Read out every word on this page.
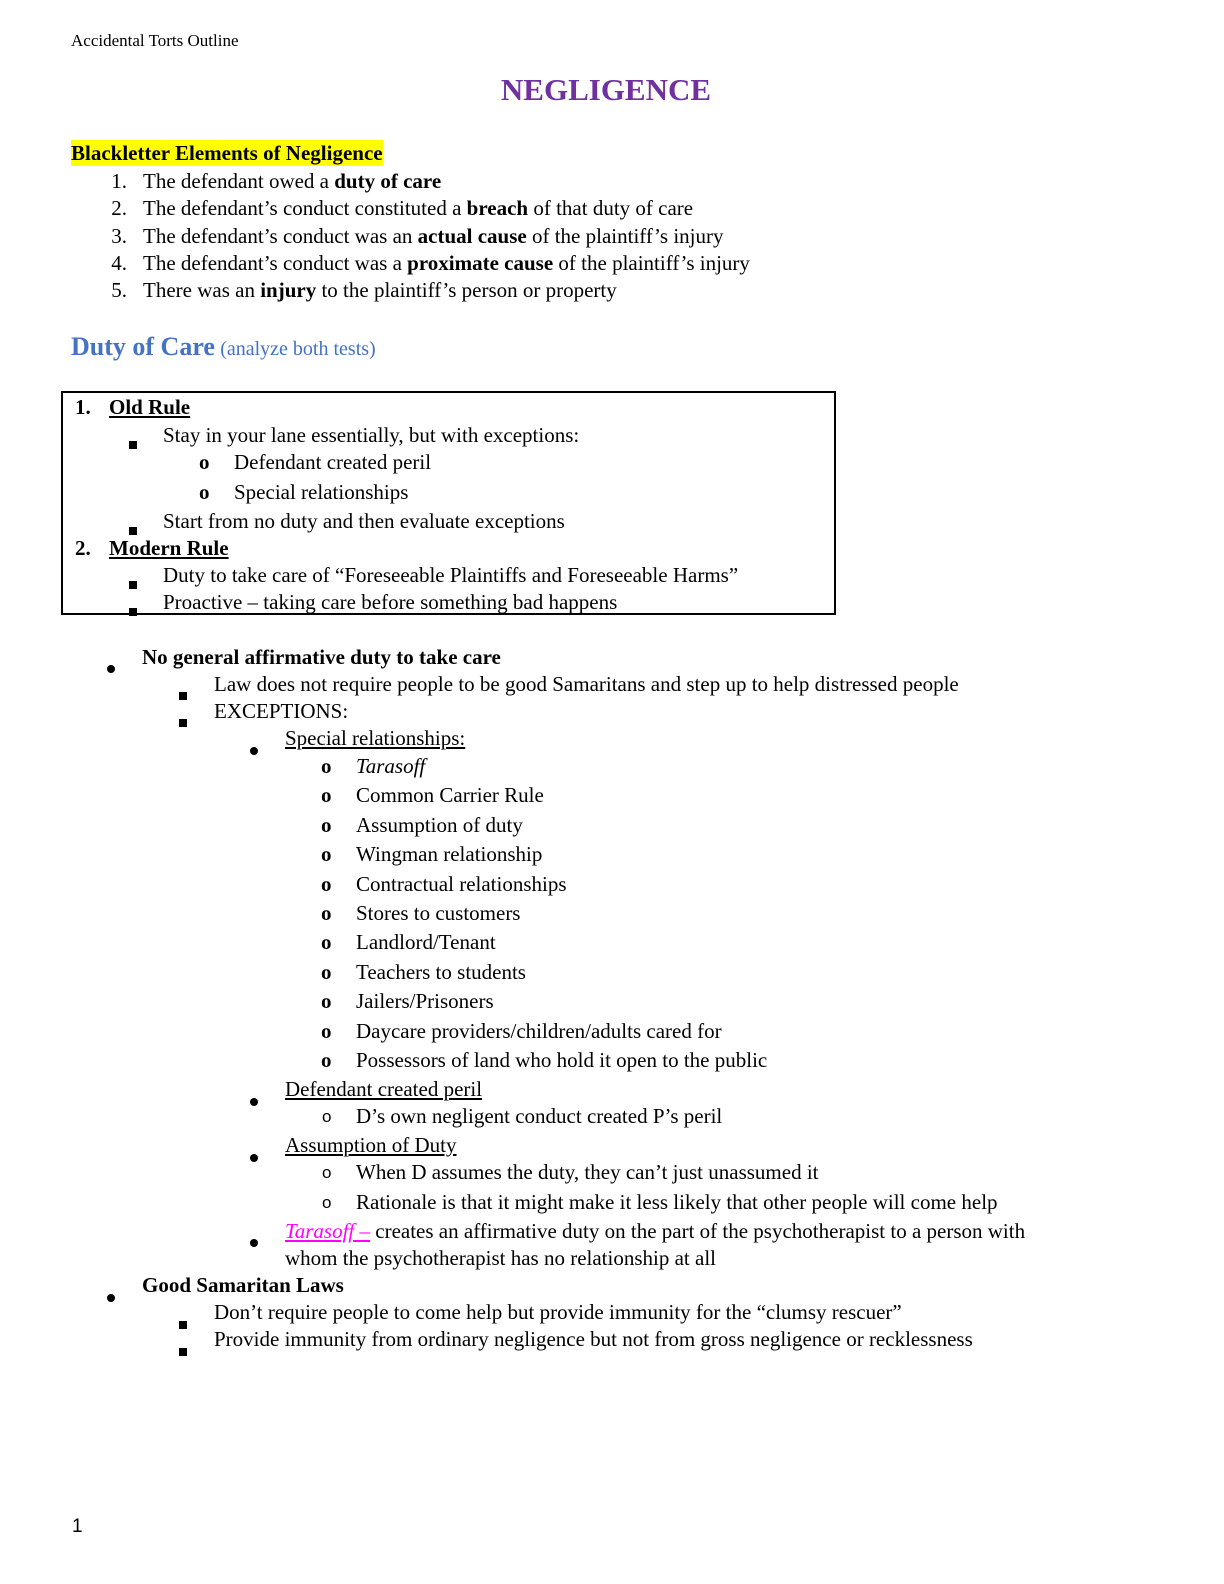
Accidental Torts Outline
NEGLIGENCE
Blackletter Elements of Negligence
1. The defendant owed a duty of care
2. The defendant’s conduct constituted a breach of that duty of care
3. The defendant’s conduct was an actual cause of the plaintiff’s injury
4. The defendant’s conduct was a proximate cause of the plaintiff’s injury
5. There was an injury to the plaintiff’s person or property
Duty of Care (analyze both tests)
1. Old Rule
Stay in your lane essentially, but with exceptions:
o Defendant created peril
o Special relationships
Start from no duty and then evaluate exceptions
2. Modern Rule
Duty to take care of “Foreseeable Plaintiffs and Foreseeable Harms”
Proactive – taking care before something bad happens
No general affirmative duty to take care
Law does not require people to be good Samaritans and step up to help distressed people
EXCEPTIONS:
Special relationships:
o Tarasoff
o Common Carrier Rule
o Assumption of duty
o Wingman relationship
o Contractual relationships
o Stores to customers
o Landlord/Tenant
o Teachers to students
o Jailers/Prisoners
o Daycare providers/children/adults cared for
o Possessors of land who hold it open to the public
Defendant created peril
o D’s own negligent conduct created P’s peril
Assumption of Duty
o When D assumes the duty, they can’t just unassumed it
o Rationale is that it might make it less likely that other people will come help
Tarasoff – creates an affirmative duty on the part of the psychotherapist to a person with
whom the psychotherapist has no relationship at all
Good Samaritan Laws
Don’t require people to come help but provide immunity for the “clumsy rescuer”
Provide immunity from ordinary negligence but not from gross negligence or recklessness
1
